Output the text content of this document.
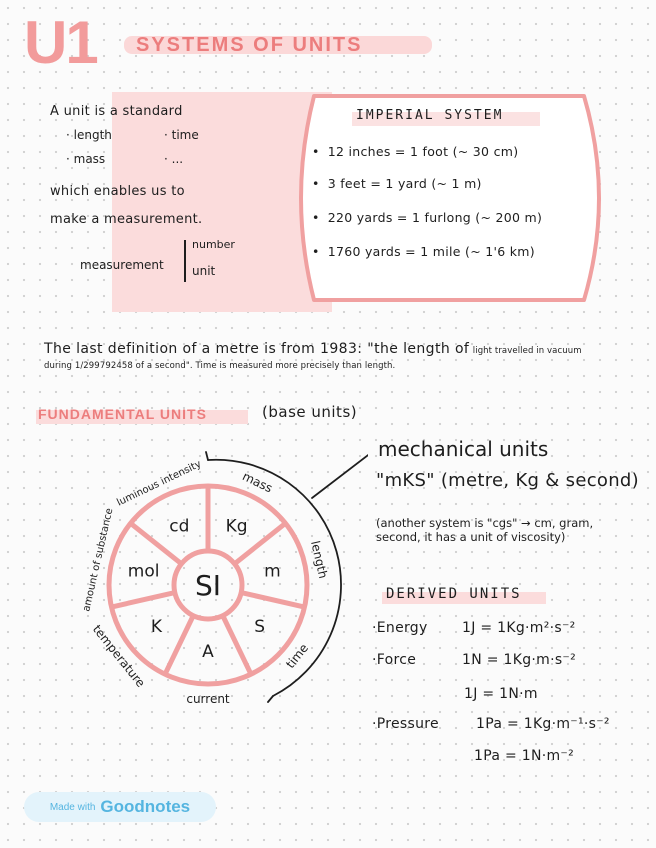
U1 SYSTEMS OF UNITS
A unit is a standard
· length	· time
· mass	· ...
which enables us to
make a measurement.
measurement
number
unit
IMPERIAL SYSTEM
• 12 inches = 1 foot (~ 30 cm)
• 3 feet = 1 yard (~ 1 m)
• 220 yards = 1 furlong (~ 200 m)
• 1760 yards = 1 mile (~ 1'6 km)
The last definition of a metre is from 1983: "the length of light travelled in vacuum during 1/299792458 of a second". Time is measured more precisely than length.
FUNDAMENTAL UNITS	(base units)
SI
Kg
m
S
A
K
mol
cd
mass
length
time
current
temperature
amount of substance
luminous intensity
mechanical units
"mKS" (metre, Kg & second)
(another system is "cgs" → cm, gram, second, it has a unit of viscosity)
DERIVED UNITS
·Energy 1J = 1Kg·m²·s⁻²
·Force	1N = 1Kg·m·s⁻²
1J = 1N·m
·Pressure	1Pa = 1Kg·m⁻¹·s⁻²
1Pa = 1N·m⁻²
Made with Goodnotes
